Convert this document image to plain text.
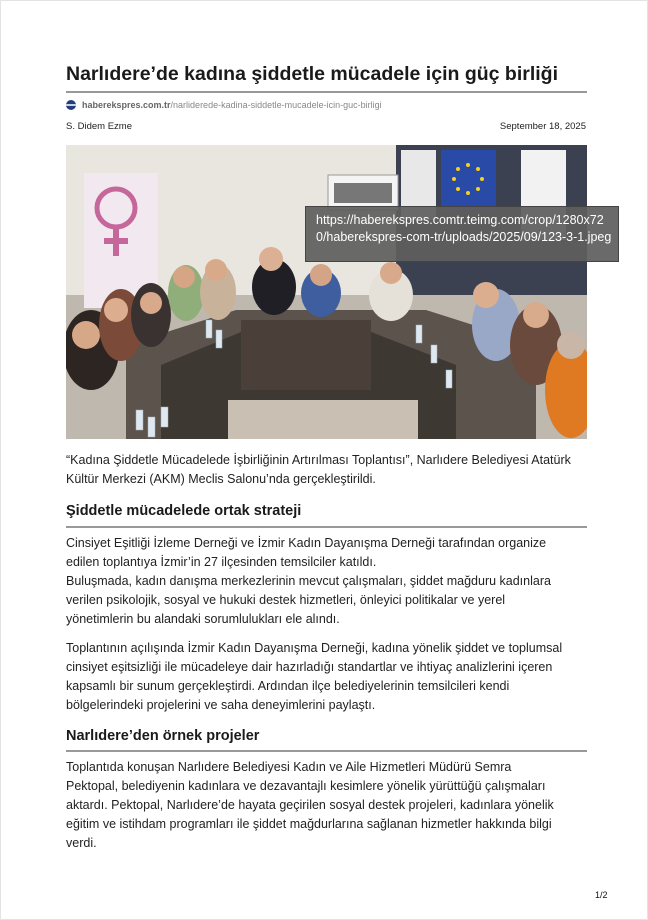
Narlıdere’de kadına şiddetle mücadele için güç birliği
haberekspres.com.tr /narliderede-kadina-siddetle-mucadele-icin-guc-birligi
S. Didem Ezme	September 18, 2025
https://haberekspres.comtr.teimg.com/crop/1280x720/haberekspres-com-tr/uploads/2025/09/123-3-1.jpeg

“Kadına Şiddetle Mücadelede İşbirliğinin Artırılması Toplantısı”, Narlıdere Belediyesi Atatürk Kültür Merkezi (AKM) Meclis Salonu’nda gerçekleştirildi.

Şiddetle mücadelede ortak strateji

Cinsiyet Eşitliği İzleme Derneği ve İzmir Kadın Dayanışma Derneği tarafından organize
edilen toplantıya İzmir’in 27 ilçesinden temsilciler katıldı.
Buluşmada, kadın danışma merkezlerinin mevcut çalışmaları, şiddet mağduru kadınlara
verilen psikolojik, sosyal ve hukuki destek hizmetleri, önleyici politikalar ve yerel
yönetimlerin bu alandaki sorumlulukları ele alındı.

Toplantının açılışında İzmir Kadın Dayanışma Derneği, kadına yönelik şiddet ve toplumsal
cinsiyet eşitsizliği ile mücadeleye dair hazırladığı standartlar ve ihtiyaç analizlerini içeren
kapsamlı bir sunum gerçekleştirdi. Ardından ilçe belediyelerinin temsilcileri kendi
bölgelerindeki projelerini ve saha deneyimlerini paylaştı.

Narlıdere’den örnek projeler

Toplantıda konuşan Narlıdere Belediyesi Kadın ve Aile Hizmetleri Müdürü Semra
Pektopal, belediyenin kadınlara ve dezavantajlı kesimlere yönelik yürüttüğü çalışmaları
aktardı. Pektopal, Narlıdere’de hayata geçirilen sosyal destek projeleri, kadınlara yönelik
eğitim ve istihdam programları ile şiddet mağdurlarına sağlanan hizmetler hakkında bilgi
verdi.

1/2
